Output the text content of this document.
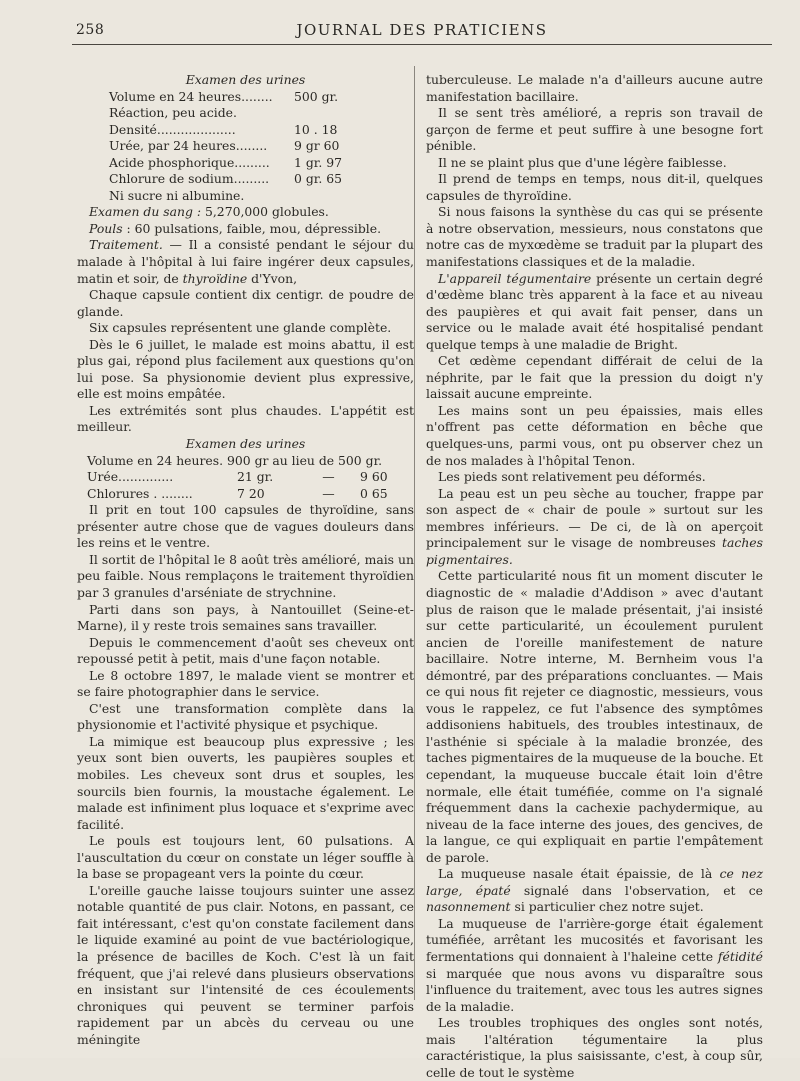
258	JOURNAL DES PRATICIENS

Examen des urines

Volume en 24 heures........	500 gr.
Réaction, peu acide.
Densité....................	10 . 18
Urée, par 24 heures........	9 gr 60
Acide phosphorique.........	1 gr. 97
Chlorure de sodium.........	0 gr. 65
Ni sucre ni albumine.

Examen du sang : 5,270,000 globules.

Pouls : 60 pulsations, faible, mou, dépressible.

Traitement. — Il a consisté pendant le séjour du malade à l'hôpital à lui faire ingérer deux capsules, matin et soir, de thyroïdine d'Yvon,

Chaque capsule contient dix centigr. de poudre de glande.

Six capsules représentent une glande complète.

Dès le 6 juillet, le malade est moins abattu, il est plus gai, répond plus facilement aux questions qu'on lui pose. Sa physionomie devient plus expressive, elle est moins empâtée.

Les extrémités sont plus chaudes. L'appétit est meilleur.

Examen des urines

Volume en 24 heures. 900 gr au lieu de 500 gr.
Urée..............	21 gr.	—	9 60
Chlorures . ........	7 20	—	0 65

Il prit en tout 100 capsules de thyroïdine, sans présenter autre chose que de vagues douleurs dans les reins et le ventre.

Il sortit de l'hôpital le 8 août très amélioré, mais un peu faible. Nous remplaçons le traitement thyroïdien par 3 granules d'arséniate de strychnine.

Parti dans son pays, à Nantouillet (Seine-et-Marne), il y reste trois semaines sans travailler.

Depuis le commencement d'août ses cheveux ont repoussé petit à petit, mais d'une façon notable.

Le 8 octobre 1897, le malade vient se montrer et se faire photographier dans le service.

C'est une transformation complète dans la physionomie et l'activité physique et psychique.

La mimique est beaucoup plus expressive ; les yeux sont bien ouverts, les paupières souples et mobiles. Les cheveux sont drus et souples, les sourcils bien fournis, la moustache également. Le malade est infiniment plus loquace et s'exprime avec facilité.

Le pouls est toujours lent, 60 pulsations. A l'auscultation du cœur on constate un léger souffle à la base se propageant vers la pointe du cœur.

L'oreille gauche laisse toujours suinter une assez notable quantité de pus clair. Notons, en passant, ce fait intéressant, c'est qu'on constate facilement dans le liquide examiné au point de vue bactériologique, la présence de bacilles de Koch. C'est là un fait fréquent, que j'ai relevé dans plusieurs observations en insistant sur l'intensité de ces écoulements chroniques qui peuvent se terminer parfois rapidement par un abcès du cerveau ou une méningite

tuberculeuse. Le malade n'a d'ailleurs aucune autre manifestation bacillaire.

Il se sent très amélioré, a repris son travail de garçon de ferme et peut suffire à une besogne fort pénible.

Il ne se plaint plus que d'une légère faiblesse.

Il prend de temps en temps, nous dit-il, quelques capsules de thyroïdine.

Si nous faisons la synthèse du cas qui se présente à notre observation, messieurs, nous constatons que notre cas de myxœdème se traduit par la plupart des manifestations classiques et de la maladie.

L'appareil tégumentaire présente un certain degré d'œdème blanc très apparent à la face et au niveau des paupières et qui avait fait penser, dans un service ou le malade avait été hospitalisé pendant quelque temps à une maladie de Bright.

Cet œdème cependant différait de celui de la néphrite, par le fait que la pression du doigt n'y laissait aucune empreinte.

Les mains sont un peu épaissies, mais elles n'offrent pas cette déformation en bêche que quelques-uns, parmi vous, ont pu observer chez un de nos malades à l'hôpital Tenon.

Les pieds sont relativement peu déformés.

La peau est un peu sèche au toucher, frappe par son aspect de « chair de poule » surtout sur les membres inférieurs. — De ci, de là on aperçoit principalement sur le visage de nombreuses taches pigmentaires.

Cette particularité nous fit un moment discuter le diagnostic de « maladie d'Addison » avec d'autant plus de raison que le malade présentait, j'ai insisté sur cette particularité, un écoulement purulent ancien de l'oreille manifestement de nature bacillaire. Notre interne, M. Bernheim vous l'a démontré, par des préparations concluantes. — Mais ce qui nous fit rejeter ce diagnostic, messieurs, vous vous le rappelez, ce fut l'absence des symptômes addisoniens habituels, des troubles intestinaux, de l'asthénie si spéciale à la maladie bronzée, des taches pigmentaires de la muqueuse de la bouche. Et cependant, la muqueuse buccale était loin d'être normale, elle était tuméfiée, comme on l'a signalé fréquemment dans la cachexie pachydermique, au niveau de la face interne des joues, des gencives, de la langue, ce qui expliquait en partie l'empâtement de parole.

La muqueuse nasale était épaissie, de là ce nez large, épaté signalé dans l'observation, et ce nasonnement si particulier chez notre sujet.

La muqueuse de l'arrière-gorge était également tuméfiée, arrêtant les mucosités et favorisant les fermentations qui donnaient à l'haleine cette fétidité si marquée que nous avons vu disparaître sous l'influence du traitement, avec tous les autres signes de la maladie.

Les troubles trophiques des ongles sont notés, mais l'altération tégumentaire la plus caractéristique, la plus saisissante, c'est, à coup sûr, celle de tout le système
